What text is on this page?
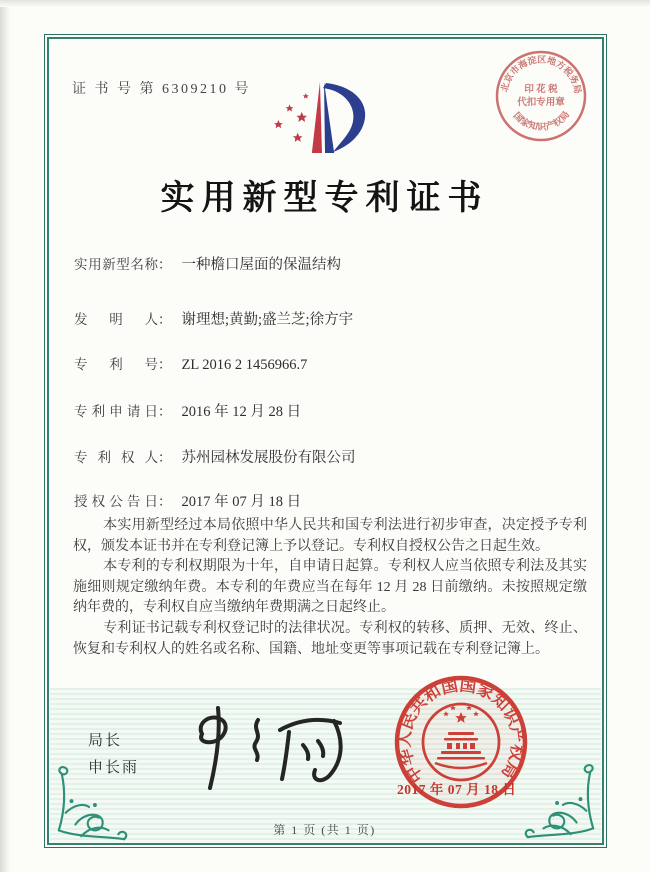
证 书 号 第 6309210 号	北京市海淀区地方税务局
国家知识产权局
印 花 税
代扣专用章
实用新型专利证书
实用新型名称： 一种檐口屋面的保温结构
发明人： 谢理想;黄勤;盛兰芝;徐方宇
专利号： ZL 2016 2 1456966.7
专利申请日： 2016 年 12 月 28 日
专利权人： 苏州园林发展股份有限公司
授权公告日： 2017 年 07 月 18 日

本实用新型经过本局依照中华人民共和国专利法进行初步审查，决定授予专利权，颁发本证书并在专利登记簿上予以登记。专利权自授权公告之日起生效。

本专利的专利权期限为十年，自申请日起算。专利权人应当依照专利法及其实施细则规定缴纳年费。本专利的年费应当在每年 12 月 28 日前缴纳。未按照规定缴纳年费的，专利权自应当缴纳年费期满之日起终止。

专利证书记载专利权登记时的法律状况。专利权的转移、质押、无效、终止、恢复和专利权人的姓名或名称、国籍、地址变更等事项记载在专利登记簿上。

局长
申长雨	中华人民共和国国家知识产权局
2017 年 07 月 18 日
第 1 页 (共 1 页)
